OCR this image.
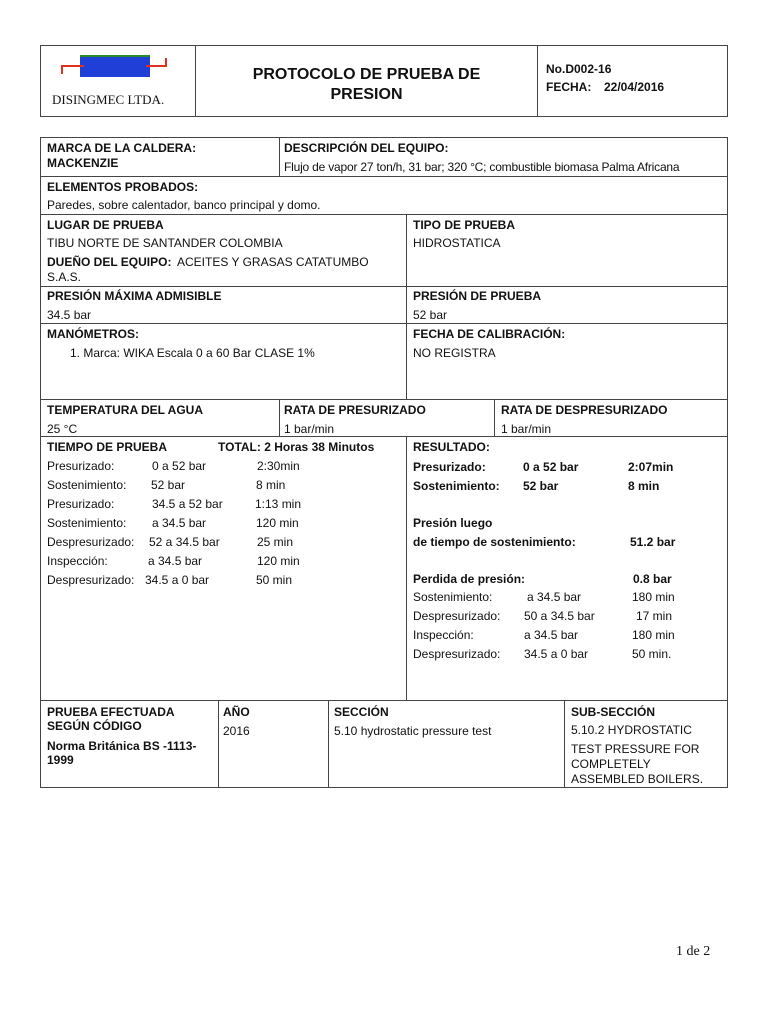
DISINGMEC LTDA.
PROTOCOLO DE PRUEBA DE
PRESION
No.D002-16
FECHA: 22/04/2016
MARCA DE LA CALDERA:
MACKENZIE
DESCRIPCIÓN DEL EQUIPO:
Flujo de vapor 27 ton/h, 31 bar; 320 °C; combustible biomasa Palma Africana
ELEMENTOS PROBADOS:
Paredes, sobre calentador, banco principal y domo.
LUGAR DE PRUEBA
TIBU NORTE DE SANTANDER COLOMBIA
DUEÑO DEL EQUIPO: ACEITES Y GRASAS CATATUMBO
S.A.S.
TIPO DE PRUEBA
HIDROSTATICA
PRESIÓN MÁXIMA ADMISIBLE
34.5 bar
PRESIÓN DE PRUEBA
52 bar
MANÓMETROS:
1. Marca: WIKA Escala 0 a 60 Bar CLASE 1%
FECHA DE CALIBRACIÓN:
NO REGISTRA
TEMPERATURA DEL AGUA
25 °C
RATA DE PRESURIZADO
1 bar/min
RATA DE DESPRESURIZADO
1 bar/min
TIEMPO DE PRUEBA	TOTAL: 2 Horas 38 Minutos
Presurizado:	0 a 52 bar	2:30min
Sostenimiento: 52 bar	8 min
Presurizado:	34.5 a 52 bar	1:13 min
Sostenimiento: a 34.5 bar	120 min
Despresurizado: 52 a 34.5 bar	25 min
Inspección:	a 34.5 bar	120 min
Despresurizado: 34.5 a 0 bar	50 min
RESULTADO:
Presurizado:	0 a 52 bar	2:07min
Sostenimiento: 52 bar	8 min
Presión luego
de tiempo de sostenimiento:	51.2 bar
Perdida de presión:	0.8 bar
Sostenimiento:	a 34.5 bar	180 min
Despresurizado: 50 a 34.5 bar	17 min
Inspección:	a 34.5 bar	180 min
Despresurizado: 34.5 a 0 bar	50 min.
PRUEBA EFECTUADA
SEGÚN CÓDIGO
Norma Británica BS -1113-
1999
AÑO
2016
SECCIÓN
5.10 hydrostatic pressure test
SUB-SECCIÓN
5.10.2 HYDROSTATIC
TEST PRESSURE FOR
COMPLETELY
ASSEMBLED BOILERS.
1 de 2
